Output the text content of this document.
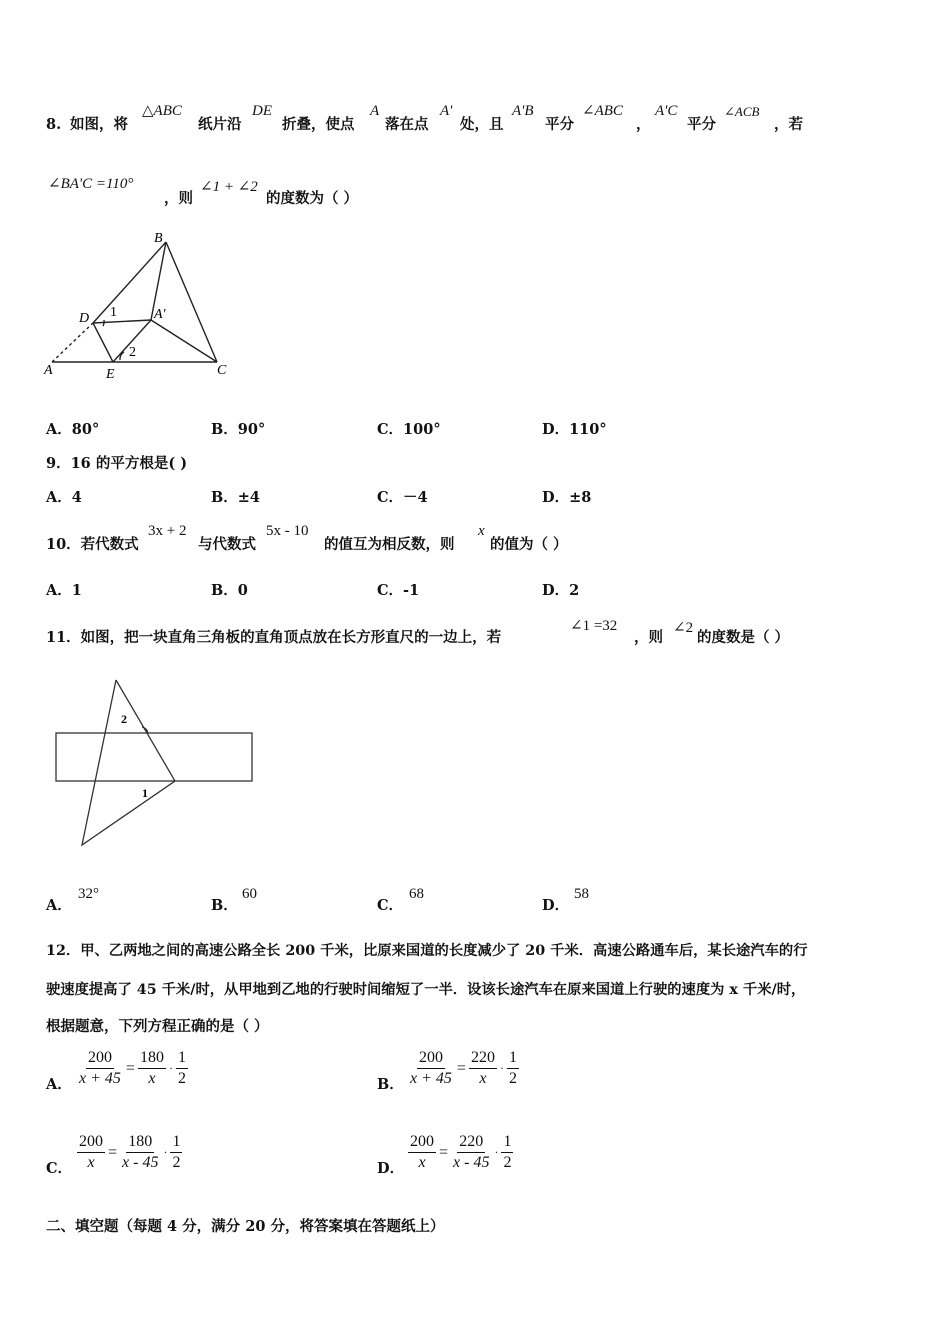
8. 如图，将
△ABC
纸片沿
DE
折叠，使点
A
落在点
A'
处，且
A'B
平分
∠ABC
，
A'C
平分
∠ACB
，若
∠BA'C =110°
，则
∠1 + ∠2
的度数为（ ）
B
D 1	A'
2
A	E	C
A．80°	B．90°	C．100°	D．110°
9．16 的平方根是( )
A．4	B．±4	C．－4	D．±8
10．若代数式
3x + 2
与代数式
5x - 10
的值互为相反数，则
x
的值为（ ）
A．1	B．0	C．-1	D．2
11．如图，把一块直角三角板的直角顶点放在长方形直尺的一边上，若
∠1 =32
，则
∠2
的度数是（ ）
2
1
A．
32°
B．
60
C．
68
D．
58
12．甲、乙两地之间的高速公路全长 200 千米，比原来国道的长度减少了 20 千米．高速公路通车后，某长途汽车的行
驶速度提高了 45 千米/时，从甲地到乙地的行驶时间缩短了一半．设该长途汽车在原来国道上行驶的速度为 x 千米/时，
根据题意，下列方程正确的是（ ）
A． $\frac{200}{x + 45} = \frac{180}{x}$ ·
1
2	B． $\frac{200}{x + 45} = \frac{220}{x}$ ·
1
2
C． $\frac{200}{x} = \frac{180}{x - 45}$ ·
1
2	D． $\frac{200}{x} = \frac{220}{x - 45}$ ·
1
2
二、填空题（每题 4 分，满分 20 分，将答案填在答题纸上）
